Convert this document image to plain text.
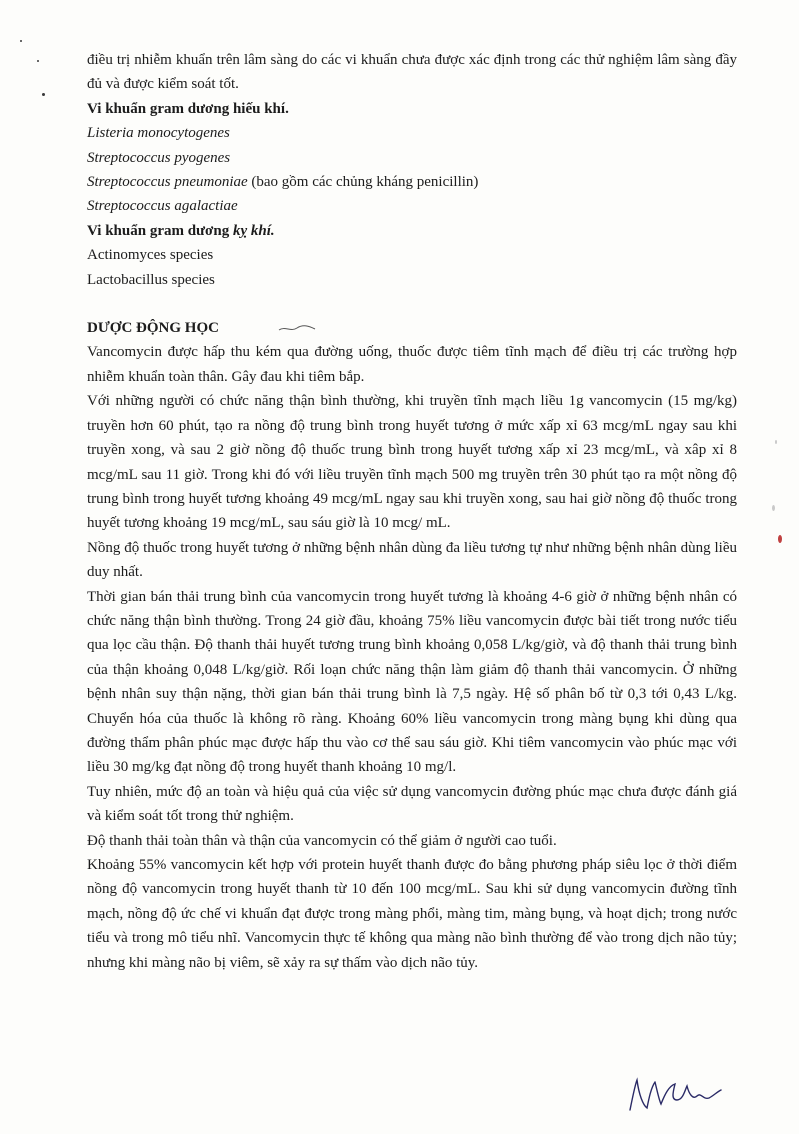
điều trị nhiễm khuẩn trên lâm sàng do các vi khuẩn chưa được xác định trong các thử nghiệm lâm sàng đầy đủ và được kiểm soát tốt.

Vi khuẩn gram dương hiếu khí.

Listeria monocytogenes

Streptococcus pyogenes

Streptococcus pneumoniae (bao gồm các chủng kháng penicillin)

Streptococcus agalactiae

Vi khuẩn gram dương kỵ khí.

Actinomyces species

Lactobacillus species

DƯỢC ĐỘNG HỌC

Vancomycin được hấp thu kém qua đường uống, thuốc được tiêm tĩnh mạch để điều trị các trường hợp nhiễm khuẩn toàn thân. Gây đau khi tiêm bắp.

Với những người có chức năng thận bình thường, khi truyền tĩnh mạch liều 1g vancomycin (15 mg/kg) truyền hơn 60 phút, tạo ra nồng độ trung bình trong huyết tương ở mức xấp xỉ 63 mcg/mL ngay sau khi truyền xong, và sau 2 giờ nồng độ thuốc trung bình trong huyết tương xấp xỉ 23 mcg/mL, và xâp xỉ 8 mcg/mL sau 11 giờ. Trong khi đó với liều truyền tĩnh mạch 500 mg truyền trên 30 phút tạo ra một nồng độ trung bình trong huyết tương khoảng 49 mcg/mL ngay sau khi truyền xong, sau hai giờ nồng độ thuốc trong huyết tương khoảng 19 mcg/mL, sau sáu giờ là 10 mcg/ mL.

Nồng độ thuốc trong huyết tương ở những bệnh nhân dùng đa liều tương tự như những bệnh nhân dùng liều duy nhất.

Thời gian bán thải trung bình của vancomycin trong huyết tương là khoảng 4-6 giờ ở những bệnh nhân có chức năng thận bình thường. Trong 24 giờ đầu, khoảng 75% liều vancomycin được bài tiết trong nước tiểu qua lọc cầu thận. Độ thanh thải huyết tương trung bình khoảng 0,058 L/kg/giờ, và độ thanh thải trung bình của thận khoảng 0,048 L/kg/giờ. Rối loạn chức năng thận làm giảm độ thanh thải vancomycin. Ở những bệnh nhân suy thận nặng, thời gian bán thải trung bình là 7,5 ngày. Hệ số phân bố từ 0,3 tới 0,43 L/kg. Chuyển hóa của thuốc là không rõ ràng. Khoảng 60% liều vancomycin trong màng bụng khi dùng qua đường thẩm phân phúc mạc được hấp thu vào cơ thể sau sáu giờ. Khi tiêm vancomycin vào phúc mạc với liều 30 mg/kg đạt nồng độ trong huyết thanh khoảng 10 mg/l.

Tuy nhiên, mức độ an toàn và hiệu quả của việc sử dụng vancomycin đường phúc mạc chưa được đánh giá và kiểm soát tốt trong thử nghiệm.

Độ thanh thải toàn thân và thận của vancomycin có thể giảm ở người cao tuổi.

Khoảng 55% vancomycin kết hợp với protein huyết thanh được đo bằng phương pháp siêu lọc ở thời điểm nồng độ vancomycin trong huyết thanh từ 10 đến 100 mcg/mL. Sau khi sử dụng vancomycin đường tĩnh mạch, nồng độ ức chế vi khuẩn đạt được trong màng phổi, màng tim, màng bụng, và hoạt dịch; trong nước tiểu và trong mô tiểu nhĩ. Vancomycin thực tế không qua màng não bình thường để vào trong dịch não tủy; nhưng khi màng não bị viêm, sẽ xảy ra sự thấm vào dịch não tủy.
